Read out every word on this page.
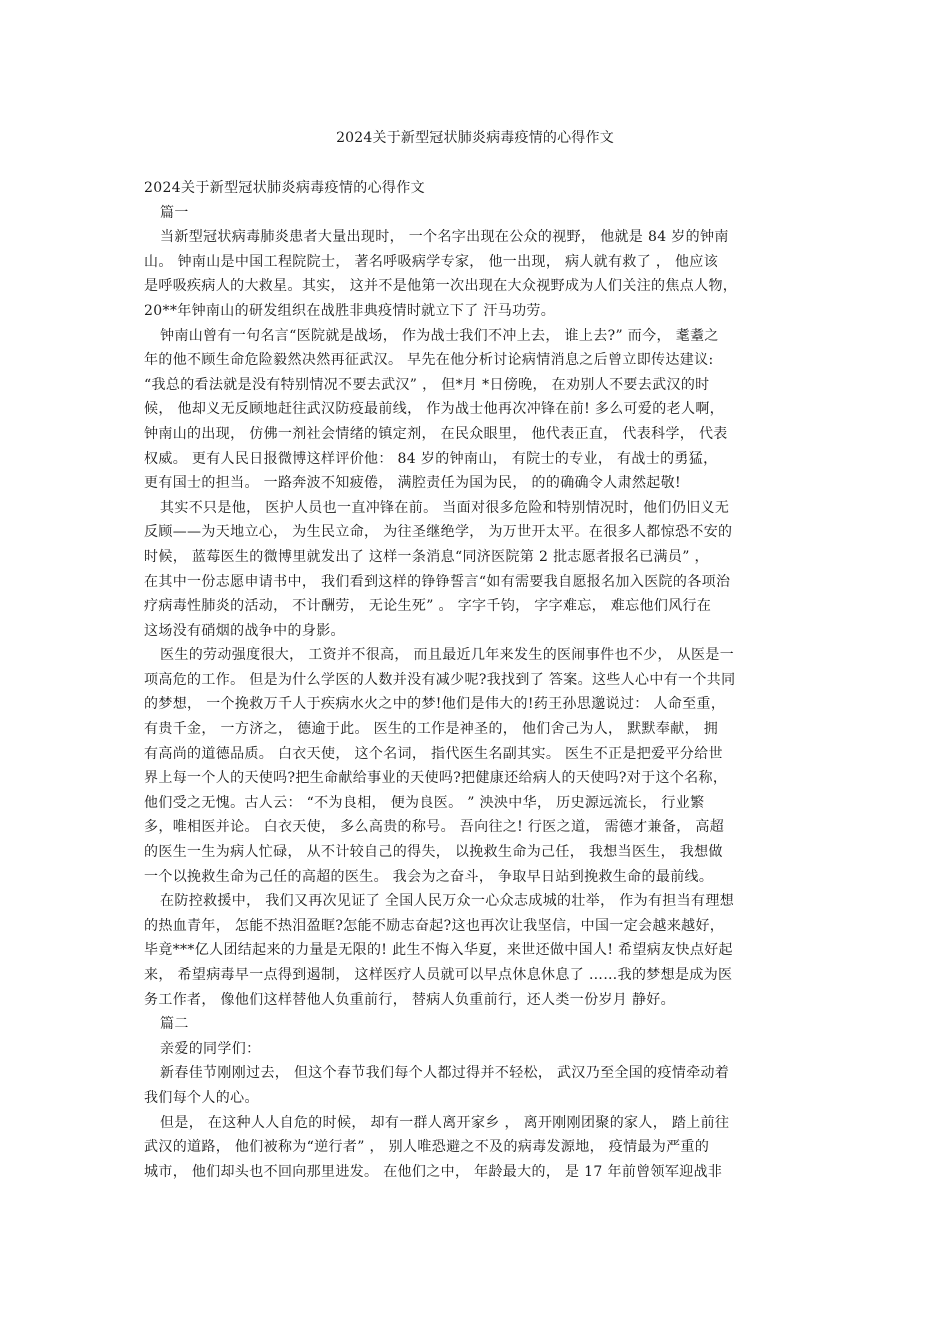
2024关于新型冠状肺炎病毒疫情的心得作文
2024关于新型冠状肺炎病毒疫情的心得作文
篇一
当新型冠状病毒肺炎患者大量出现时， 一个名字出现在公众的视野， 他就是 84 岁的钟南
山。 钟南山是中国工程院院士， 著名呼吸病学专家， 他一出现， 病人就有救了 ， 他应该
是呼吸疾病人的大救星。其实， 这并不是他第一次出现在大众视野成为人们关注的焦点人物，
20**年钟南山的研发组织在战胜非典疫情时就立下了 汗马功劳。
钟南山曾有一句名言“医院就是战场， 作为战士我们不冲上去， 谁上去?” 而今， 耄耋之
年的他不顾生命危险毅然决然再征武汉。 早先在他分析讨论病情消息之后曾立即传达建议:
“我总的看法就是没有特别情况不要去武汉” ， 但*月 *日傍晚， 在劝别人不要去武汉的时
候， 他却义无反顾地赶往武汉防疫最前线， 作为战士他再次冲锋在前! 多么可爱的老人啊，
钟南山的出现， 仿佛一剂社会情绪的镇定剂， 在民众眼里， 他代表正直， 代表科学， 代表
权威。 更有人民日报微博这样评价他： 84 岁的钟南山， 有院士的专业， 有战士的勇猛，
更有国士的担当。 一路奔波不知疲倦， 满腔责任为国为民， 的的确确令人肃然起敬!
其实不只是他， 医护人员也一直冲锋在前。 当面对很多危险和特别情况时，他们仍旧义无
反顾——为天地立心， 为生民立命， 为往圣继绝学， 为万世开太平。在很多人都惊恐不安的
时候， 蓝莓医生的微博里就发出了 这样一条消息“同济医院第 2 批志愿者报名已满员” ，
在其中一份志愿申请书中， 我们看到这样的铮铮誓言“如有需要我自愿报名加入医院的各项治
疗病毒性肺炎的活动， 不计酬劳， 无论生死” 。 字字千钧， 字字难忘， 难忘他们风行在
这场没有硝烟的战争中的身影。
医生的劳动强度很大， 工资并不很高， 而且最近几年来发生的医闹事件也不少， 从医是一
项高危的工作。 但是为什么学医的人数并没有减少呢?我找到了 答案。这些人心中有一个共同
的梦想， 一个挽救万千人于疾病水火之中的梦!他们是伟大的!药王孙思邈说过： 人命至重，
有贵千金， 一方济之， 德逾于此。 医生的工作是神圣的， 他们舍己为人， 默默奉献， 拥
有高尚的道德品质。 白衣天使， 这个名词， 指代医生名副其实。 医生不正是把爱平分给世
界上每一个人的天使吗?把生命献给事业的天使吗?把健康还给病人的天使吗?对于这个名称，
他们受之无愧。古人云： “不为良相， 便为良医。 ” 泱泱中华， 历史源远流长， 行业繁
多，唯相医并论。 白衣天使， 多么高贵的称号。 吾向往之! 行医之道， 需德才兼备， 高超
的医生一生为病人忙碌， 从不计较自己的得失， 以挽救生命为己任， 我想当医生， 我想做
一个以挽救生命为己任的高超的医生。 我会为之奋斗， 争取早日站到挽救生命的最前线。
在防控救援中， 我们又再次见证了 全国人民万众一心众志成城的壮举， 作为有担当有理想
的热血青年， 怎能不热泪盈眶?怎能不励志奋起?这也再次让我坚信，中国一定会越来越好，
毕竟***亿人团结起来的力量是无限的! 此生不悔入华夏，来世还做中国人! 希望病友快点好起
来， 希望病毒早一点得到遏制， 这样医疗人员就可以早点休息休息了 ……我的梦想是成为医
务工作者， 像他们这样替他人负重前行， 替病人负重前行，还人类一份岁月 静好。
篇二
亲爱的同学们：
新春佳节刚刚过去， 但这个春节我们每个人都过得并不轻松， 武汉乃至全国的疫情牵动着
我们每个人的心。
但是， 在这种人人自危的时候， 却有一群人离开家乡 ， 离开刚刚团聚的家人， 踏上前往
武汉的道路， 他们被称为“逆行者” ， 别人唯恐避之不及的病毒发源地， 疫情最为严重的
城市， 他们却头也不回向那里进发。 在他们之中， 年龄最大的， 是 17 年前曾领军迎战非
